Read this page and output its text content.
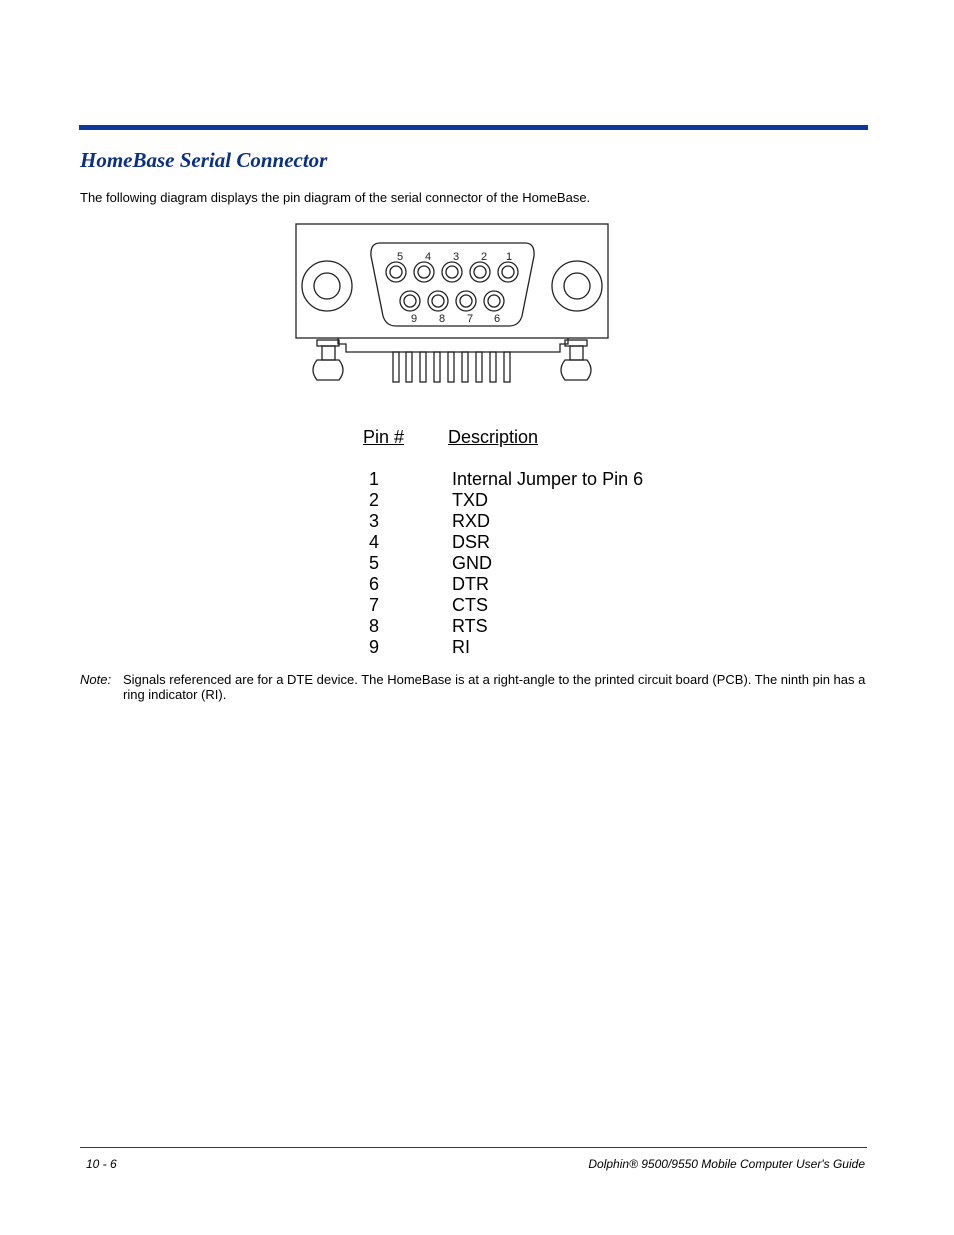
HomeBase Serial Connector

The following diagram displays the pin diagram of the serial connector of the HomeBase.

5 4 3 2 1
9 8 7 6
Pin # Description
1	Internal Jumper to Pin 6
2	TXD
3	RXD
4	DSR
5	GND
6	DTR
7	CTS
8	RTS
9	RI
Note: Signals referenced are for a DTE device. The HomeBase is at a right-angle to the printed circuit board (PCB). The ninth pin has a ring indicator (RI).
10 - 6	Dolphin® 9500/9550 Mobile Computer User's Guide
